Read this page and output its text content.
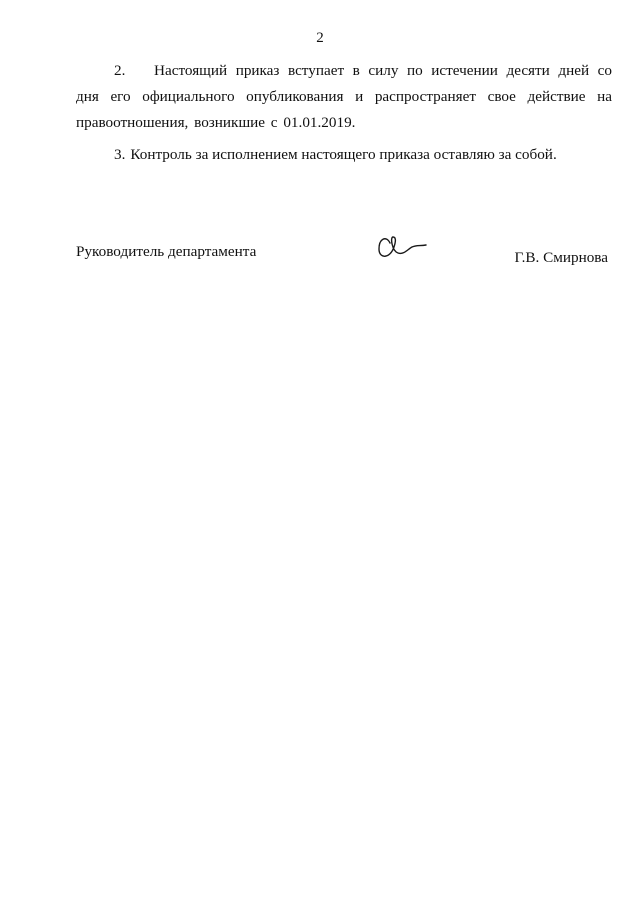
2

2. Настоящий приказ вступает в силу по истечении десяти дней со дня его официального опубликования и распространяет свое действие на правоотношения, возникшие с 01.01.2019.

3. Контроль за исполнением настоящего приказа оставляю за собой.

Руководитель департамента	Г.В. Смирнова
